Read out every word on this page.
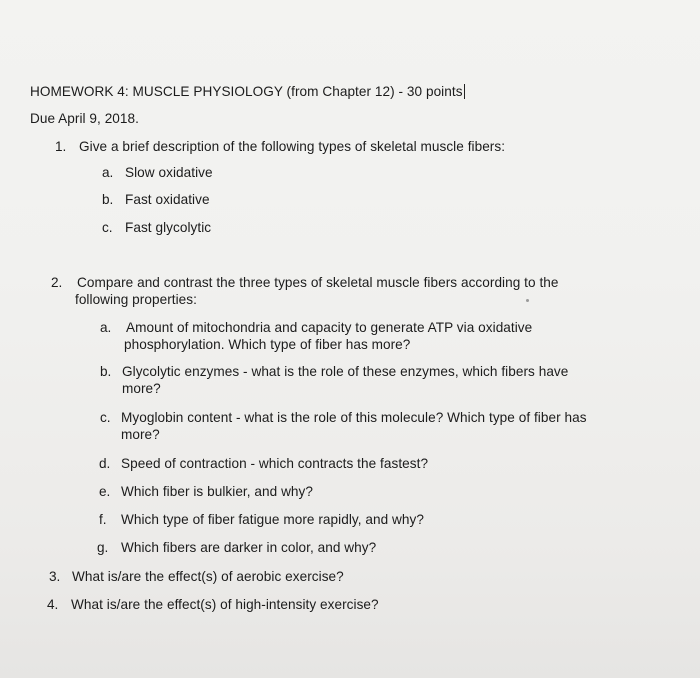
HOMEWORK 4: MUSCLE PHYSIOLOGY (from Chapter 12) - 30 points
Due April 9, 2018.
1. Give a brief description of the following types of skeletal muscle fibers:
a. Slow oxidative
b. Fast oxidative
c. Fast glycolytic
2. Compare and contrast the three types of skeletal muscle fibers according to the
following properties:
a. Amount of mitochondria and capacity to generate ATP via oxidative
phosphorylation. Which type of fiber has more?
b. Glycolytic enzymes - what is the role of these enzymes, which fibers have
more?
c. Myoglobin content - what is the role of this molecule? Which type of fiber has
more?
d. Speed of contraction - which contracts the fastest?
e. Which fiber is bulkier, and why?
f. Which type of fiber fatigue more rapidly, and why?
g. Which fibers are darker in color, and why?
3. What is/are the effect(s) of aerobic exercise?
4. What is/are the effect(s) of high-intensity exercise?
